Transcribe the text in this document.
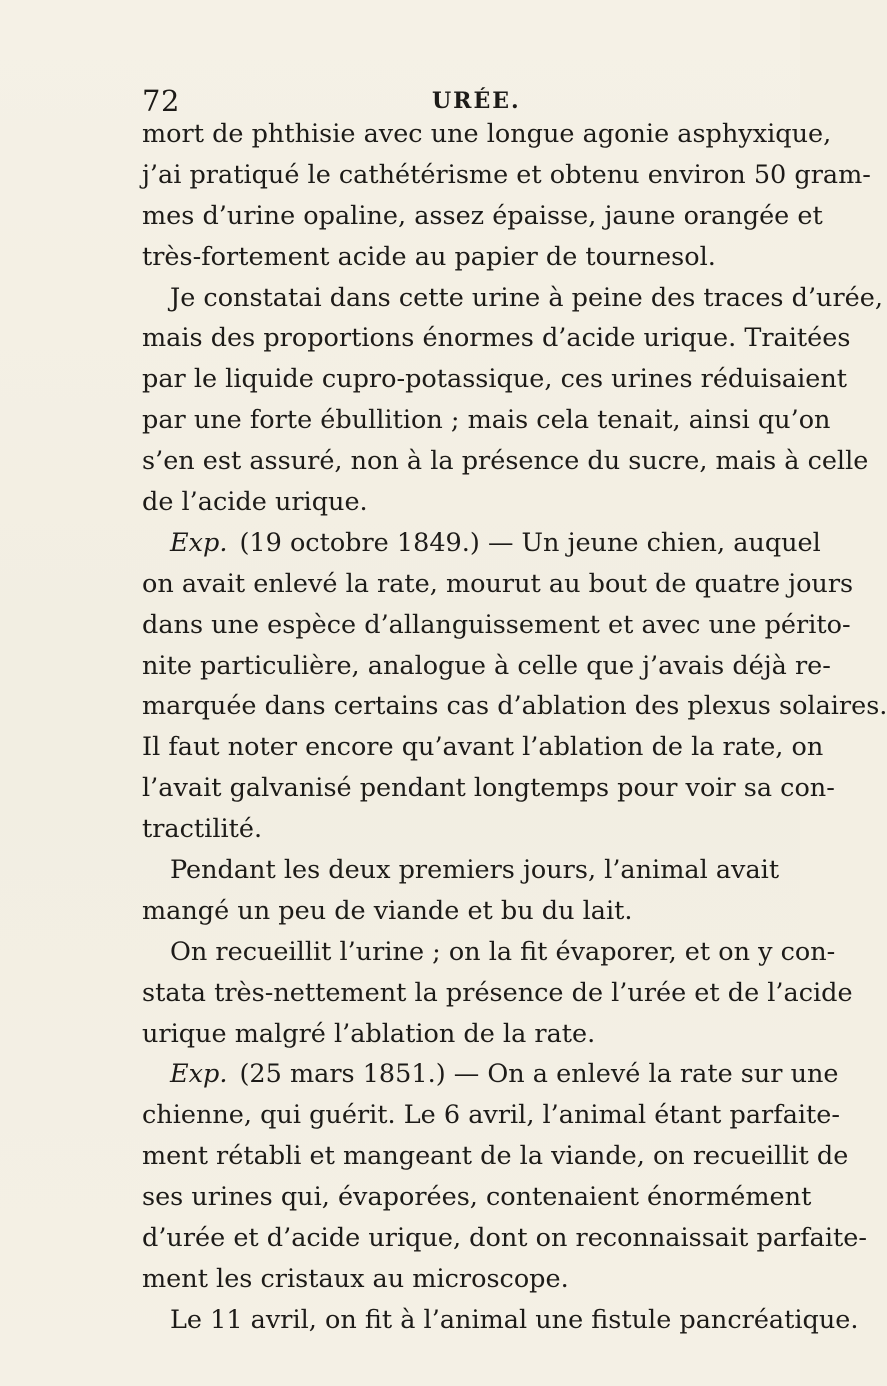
72	URÉE.
mort de phthisie avec une longue agonie asphyxique,
j’ai pratiqué le cathétérisme et obtenu environ 50 gram-
mes d’urine opaline, assez épaisse, jaune orangée et
très-fortement acide au papier de tournesol.
Je constatai dans cette urine à peine des traces d’urée,
mais des proportions énormes d’acide urique. Traitées
par le liquide cupro-potassique, ces urines réduisaient
par une forte ébullition ; mais cela tenait, ainsi qu’on
s’en est assuré, non à la présence du sucre, mais à celle
de l’acide urique.
Exp. (19 octobre 1849.) — Un jeune chien, auquel
on avait enlevé la rate, mourut au bout de quatre jours
dans une espèce d’allanguissement et avec une périto-
nite particulière, analogue à celle que j’avais déjà re-
marquée dans certains cas d’ablation des plexus solaires.
Il faut noter encore qu’avant l’ablation de la rate, on
l’avait galvanisé pendant longtemps pour voir sa con-
tractilité.
Pendant les deux premiers jours, l’animal avait
mangé un peu de viande et bu du lait.
On recueillit l’urine ; on la fit évaporer, et on y con-
stata très-nettement la présence de l’urée et de l’acide
urique malgré l’ablation de la rate.
Exp. (25 mars 1851.) — On a enlevé la rate sur une
chienne, qui guérit. Le 6 avril, l’animal étant parfaite-
ment rétabli et mangeant de la viande, on recueillit de
ses urines qui, évaporées, contenaient énormément
d’urée et d’acide urique, dont on reconnaissait parfaite-
ment les cristaux au microscope.
Le 11 avril, on fit à l’animal une fistule pancréatique.
